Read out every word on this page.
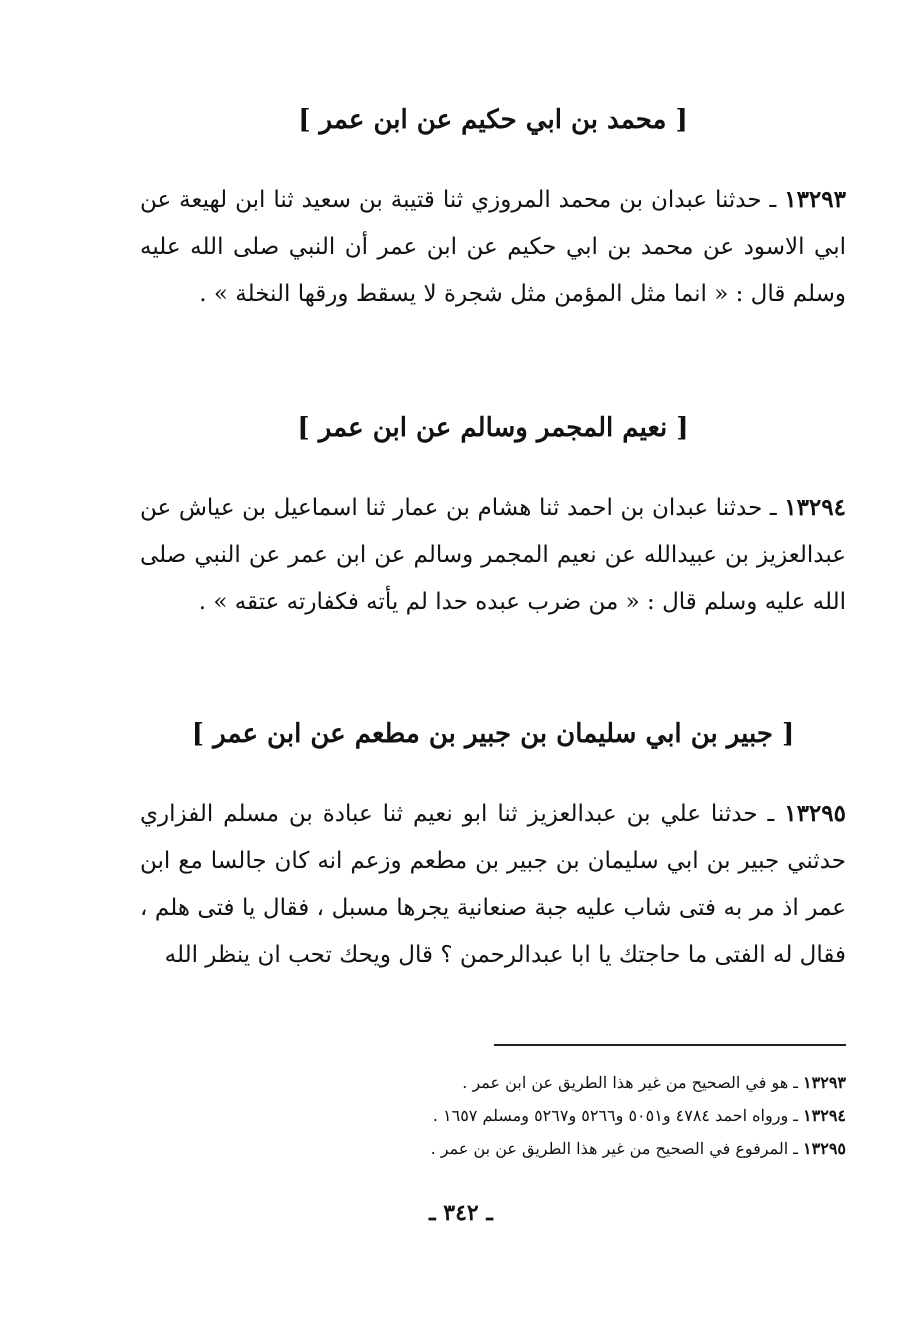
[ محمد بن ابي حكيم عن ابن عمر ]

١٣٢٩٣ ـ حدثنا عبدان بن محمد المروزي ثنا قتيبة بن سعيد ثنا ابن لهيعة عن ابي الاسود عن محمد بن ابي حكيم عن ابن عمر أن النبي صلى الله عليه وسلم قال : « انما مثل المؤمن مثل شجرة لا يسقط ورقها النخلة » .

[ نعيم المجمر وسالم عن ابن عمر ]

١٣٢٩٤ ـ حدثنا عبدان بن احمد ثنا هشام بن عمار ثنا اسماعيل بن عياش عن عبدالعزيز بن عبيدالله عن نعيم المجمر وسالم عن ابن عمر عن النبي صلى الله عليه وسلم قال : « من ضرب عبده حدا لم يأته فكفارته عتقه » .

[ جبير بن ابي سليمان بن جبير بن مطعم عن ابن عمر ]

١٣٢٩٥ ـ حدثنا علي بن عبدالعزيز ثنا ابو نعيم ثنا عبادة بن مسلم الفزاري حدثني جبير بن ابي سليمان بن جبير بن مطعم وزعم انه كان جالسا مع ابن عمر اذ مر به فتى شاب عليه جبة صنعانية يجرها مسبل ، فقال يا فتى هلم ، فقال له الفتى ما حاجتك يا ابا عبدالرحمن ؟ قال ويحك تحب ان ينظر الله

١٣٢٩٣ ـ هو في الصحيح من غير هذا الطريق عن ابن عمر .

١٣٢٩٤ ـ ورواه احمد ٤٧٨٤ و٥٠٥١ و٥٢٦٦ و٥٢٦٧ ومسلم ١٦٥٧ .

١٣٢٩٥ ـ المرفوع في الصحيح من غير هذا الطريق عن بن عمر .

ـ ٣٤٢ ـ
